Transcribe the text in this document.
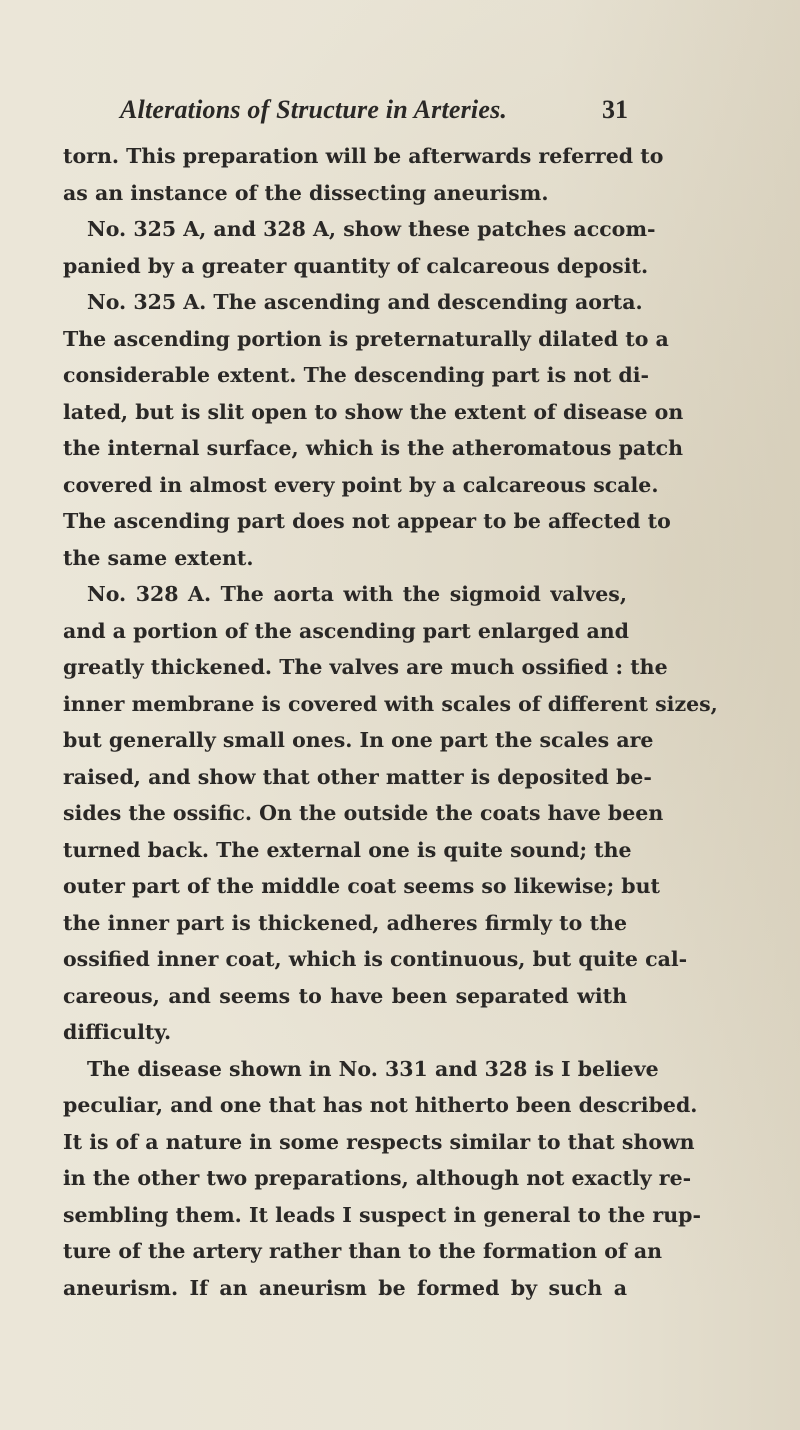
Alterations of Structure in Arteries.	31
torn. This preparation will be afterwards referred to
as an instance of the dissecting aneurism.
No. 325 A, and 328 A, show these patches accom-
panied by a greater quantity of calcareous deposit.
No. 325 A. The ascending and descending aorta.
The ascending portion is preternaturally dilated to a
considerable extent. The descending part is not di-
lated, but is slit open to show the extent of disease on
the internal surface, which is the atheromatous patch
covered in almost every point by a calcareous scale.
The ascending part does not appear to be affected to
the same extent.
No. 328 A. The aorta with the sigmoid valves,
and a portion of the ascending part enlarged and
greatly thickened. The valves are much ossified : the
inner membrane is covered with scales of different sizes,
but generally small ones. In one part the scales are
raised, and show that other matter is deposited be-
sides the ossific. On the outside the coats have been
turned back. The external one is quite sound; the
outer part of the middle coat seems so likewise; but
the inner part is thickened, adheres firmly to the
ossified inner coat, which is continuous, but quite cal-
careous, and seems to have been separated with
difficulty.
The disease shown in No. 331 and 328 is I believe
peculiar, and one that has not hitherto been described.
It is of a nature in some respects similar to that shown
in the other two preparations, although not exactly re-
sembling them. It leads I suspect in general to the rup-
ture of the artery rather than to the formation of an
aneurism. If an aneurism be formed by such a
